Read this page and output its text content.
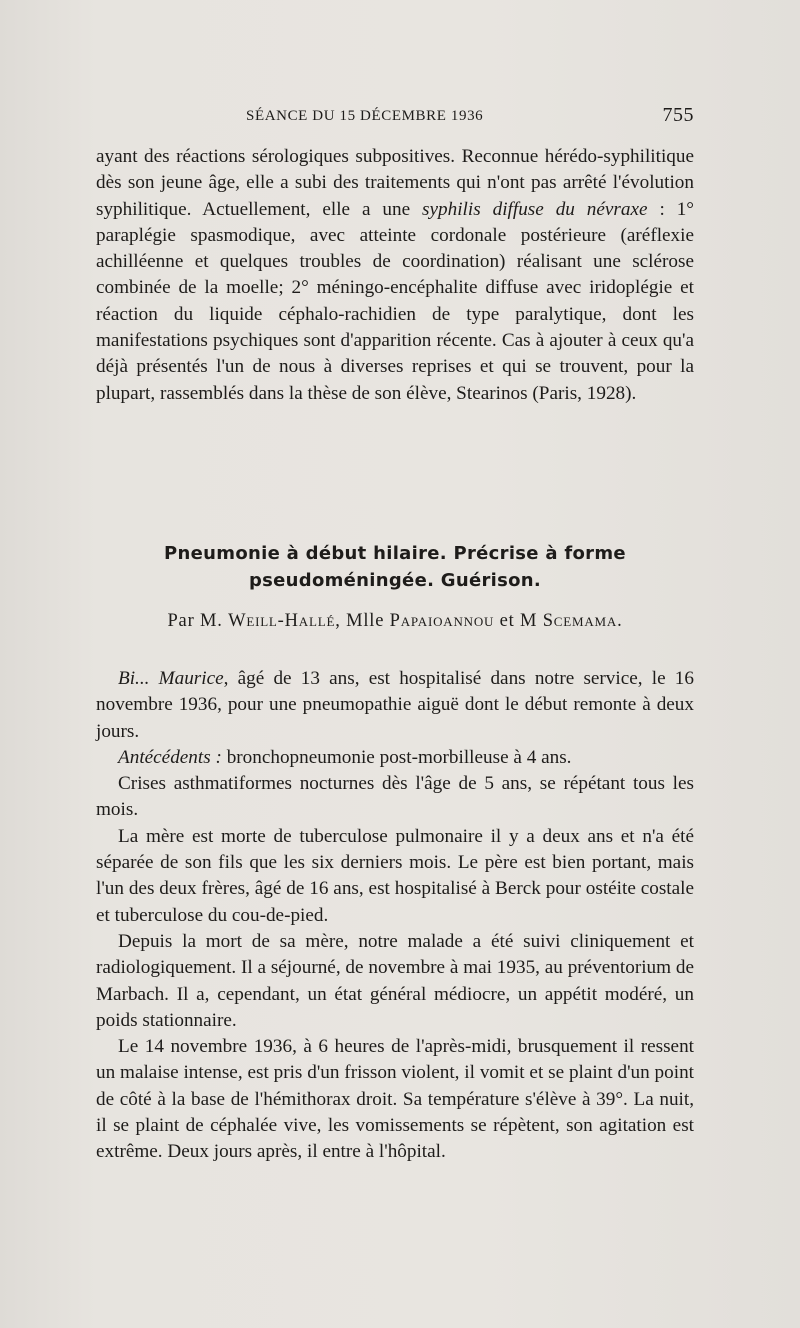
SÉANCE DU 15 DÉCEMBRE 1936	755
ayant des réactions sérologiques subpositives. Reconnue hérédo-syphilitique dès son jeune âge, elle a subi des traitements qui n'ont pas arrêté l'évolution syphilitique. Actuellement, elle a une syphilis diffuse du névraxe : 1° paraplégie spasmodique, avec atteinte cordonale postérieure (aréflexie achilléenne et quelques troubles de coordination) réalisant une sclérose combinée de la moelle; 2° méningo-encéphalite diffuse avec iridoplégie et réaction du liquide céphalo-rachidien de type paralytique, dont les manifestations psychiques sont d'apparition récente. Cas à ajouter à ceux qu'a déjà présentés l'un de nous à diverses reprises et qui se trouvent, pour la plupart, rassemblés dans la thèse de son élève, Stearinos (Paris, 1928).
Pneumonie à début hilaire. Précrise à forme
pseudoméningée. Guérison.
Par M. Weill-Hallé, Mlle Papaioannou et M Scemama.

Bi... Maurice, âgé de 13 ans, est hospitalisé dans notre service, le 16 novembre 1936, pour une pneumopathie aiguë dont le début remonte à deux jours.

Antécédents : bronchopneumonie post-morbilleuse à 4 ans.

Crises asthmatiformes nocturnes dès l'âge de 5 ans, se répétant tous les mois.

La mère est morte de tuberculose pulmonaire il y a deux ans et n'a été séparée de son fils que les six derniers mois. Le père est bien portant, mais l'un des deux frères, âgé de 16 ans, est hospitalisé à Berck pour ostéite costale et tuberculose du cou-de-pied.

Depuis la mort de sa mère, notre malade a été suivi cliniquement et radiologiquement. Il a séjourné, de novembre à mai 1935, au préventorium de Marbach. Il a, cependant, un état général médiocre, un appétit modéré, un poids stationnaire.

Le 14 novembre 1936, à 6 heures de l'après-midi, brusquement il ressent un malaise intense, est pris d'un frisson violent, il vomit et se plaint d'un point de côté à la base de l'hémithorax droit. Sa température s'élève à 39°. La nuit, il se plaint de céphalée vive, les vomissements se répètent, son agitation est extrême. Deux jours après, il entre à l'hôpital.
